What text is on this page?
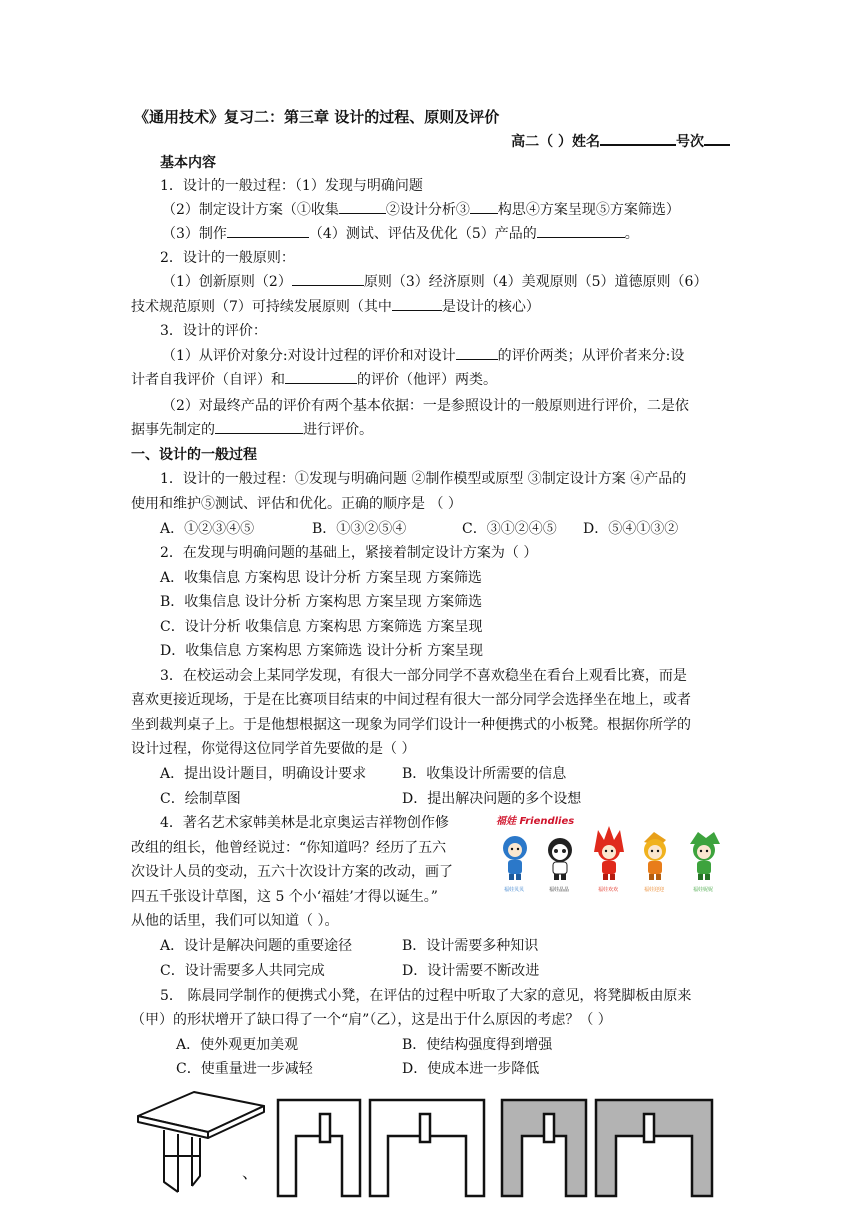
《通用技术》复习二：第三章 设计的过程、原则及评价
高二（ ）姓名	号次
基本内容
1．设计的一般过程：（1）发现与明确问题
（2）制定设计方案（①收集	②设计分析③ 构思④方案呈现⑤方案筛选）
（3）制作	（4）测试、评估及优化（5）产品的	。
2．设计的一般原则：
（1）创新原则（2）	原则（3）经济原则（4）美观原则（5）道德原则（6）
技术规范原则（7）可持续发展原则（其中	是设计的核心）
3．设计的评价：
（1）从评价对象分:对设计过程的评价和对设计	的评价两类；从评价者来分:设
计者自我评价（自评）和	的评价（他评）两类。
（2）对最终产品的评价有两个基本依据：一是参照设计的一般原则进行评价，二是依
据事先制定的	进行评价。
一、设计的一般过程
1．设计的一般过程：①发现与明确问题 ②制作模型或原型 ③制定设计方案 ④产品的
使用和维护⑤测试、评估和优化。正确的顺序是 （ ）
A．①②③④⑤	B．①③②⑤④	C．③①②④⑤ D．⑤④①③②
2．在发现与明确问题的基础上，紧接着制定设计方案为（ ）
A．收集信息 方案构思 设计分析 方案呈现 方案筛选
B．收集信息 设计分析 方案构思 方案呈现 方案筛选
C．设计分析 收集信息 方案构思 方案筛选 方案呈现
D．收集信息 方案构思 方案筛选 设计分析 方案呈现
3．在校运动会上某同学发现，有很大一部分同学不喜欢稳坐在看台上观看比赛，而是
喜欢更接近现场，于是在比赛项目结束的中间过程有很大一部分同学会选择坐在地上，或者
坐到裁判桌子上。于是他想根据这一现象为同学们设计一种便携式的小板凳。根据你所学的
设计过程，你觉得这位同学首先要做的是（ ）
A．提出设计题目，明确设计要求	B．收集设计所需要的信息
C．绘制草图	D．提出解决问题的多个设想
4．著名艺术家韩美林是北京奥运吉祥物创作修
改组的组长，他曾经说过：“你知道吗？经历了五六
次设计人员的变动，五六十次设计方案的改动，画了
四五千张设计草图，这 5 个小‘福娃’才得以诞生。”
从他的话里，我们可以知道（ ）。
A．设计是解决问题的重要途径	B．设计需要多种知识
C．设计需要多人共同完成	D．设计需要不断改进
福娃 Friendlies
福娃贝贝	福娃晶晶	福娃欢欢	福娃迎迎	福娃妮妮
5． 陈晨同学制作的便携式小凳，在评估的过程中听取了大家的意见，将凳脚板由原来
（甲）的形状增开了缺口得了一个“肩”（乙），这是出于什么原因的考虑？（ ）
A．使外观更加美观	B．使结构强度得到增强
C．使重量进一步减轻	D．使成本进一步降低
、
